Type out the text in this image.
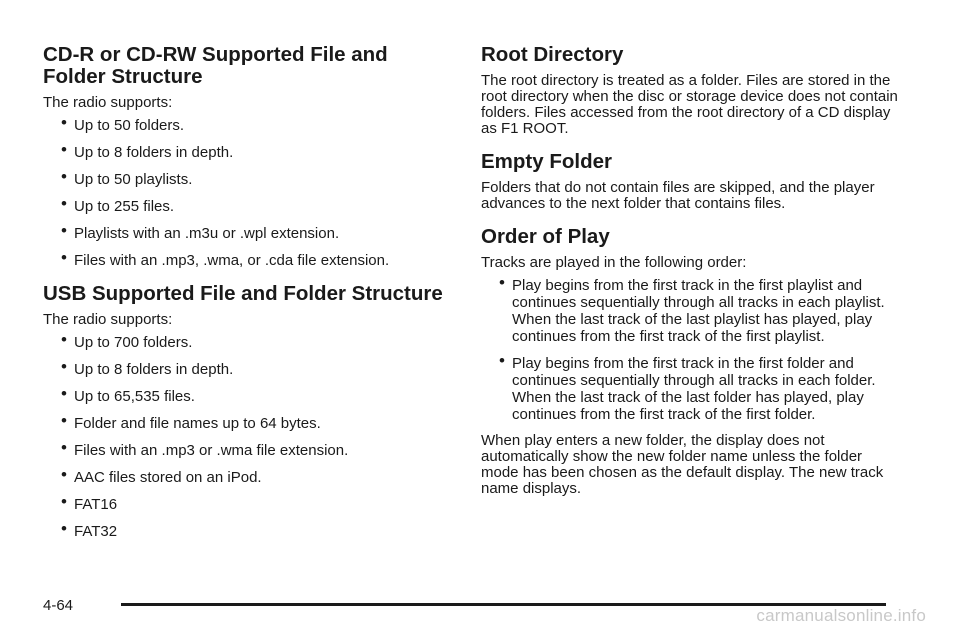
CD-R or CD-RW Supported File and Folder Structure

The radio supports:

• Up to 50 folders.
• Up to 8 folders in depth.
• Up to 50 playlists.
• Up to 255 files.
• Playlists with an .m3u or .wpl extension.
• Files with an .mp3, .wma, or .cda file extension.
USB Supported File and Folder Structure

The radio supports:

• Up to 700 folders.
• Up to 8 folders in depth.
• Up to 65,535 files.
• Folder and file names up to 64 bytes.
• Files with an .mp3 or .wma file extension.
• AAC files stored on an iPod.
• FAT16
• FAT32
Root Directory

The root directory is treated as a folder. Files are stored in the root directory when the disc or storage device does not contain folders. Files accessed from the root directory of a CD display as F1 ROOT.

Empty Folder

Folders that do not contain files are skipped, and the player advances to the next folder that contains files.

Order of Play

Tracks are played in the following order:

• Play begins from the first track in the first playlist and continues sequentially through all tracks in each playlist. When the last track of the last playlist has played, play continues from the first track of the first playlist.
• Play begins from the first track in the first folder and continues sequentially through all tracks in each folder. When the last track of the last folder has played, play continues from the first track of the first folder.

When play enters a new folder, the display does not automatically show the new folder name unless the folder mode has been chosen as the default display. The new track name displays.

4-64
carmanualsonline.info
